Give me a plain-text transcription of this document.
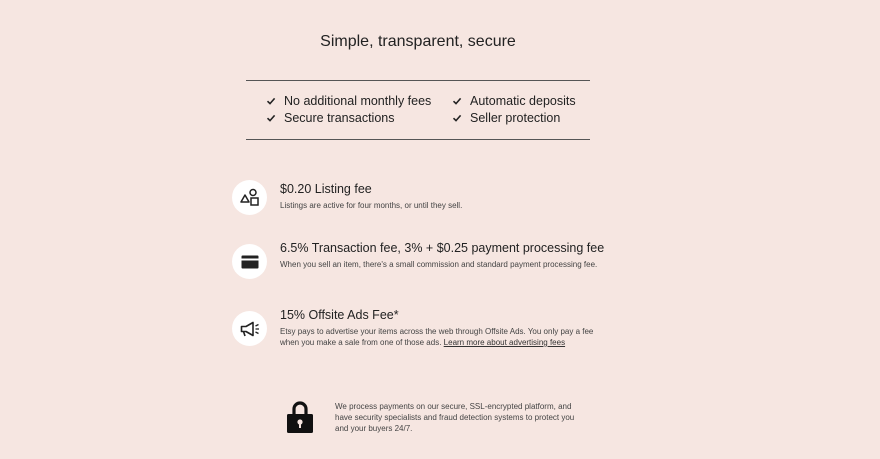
Simple, transparent, secure
No additional monthly fees	Automatic deposits
Secure transactions	Seller protection

$0.20 Listing fee

Listings are active for four months, or until they sell.

6.5% Transaction fee, 3% + $0.25 payment processing fee

When you sell an item, there's a small commission and standard payment processing fee.

15% Offsite Ads Fee*

Etsy pays to advertise your items across the web through Offsite Ads. You only pay a fee when you make a sale from one of those ads. Learn more about advertising fees

We process payments on our secure, SSL-encrypted platform, and have security specialists and fraud detection systems to protect you and your buyers 24/7.
